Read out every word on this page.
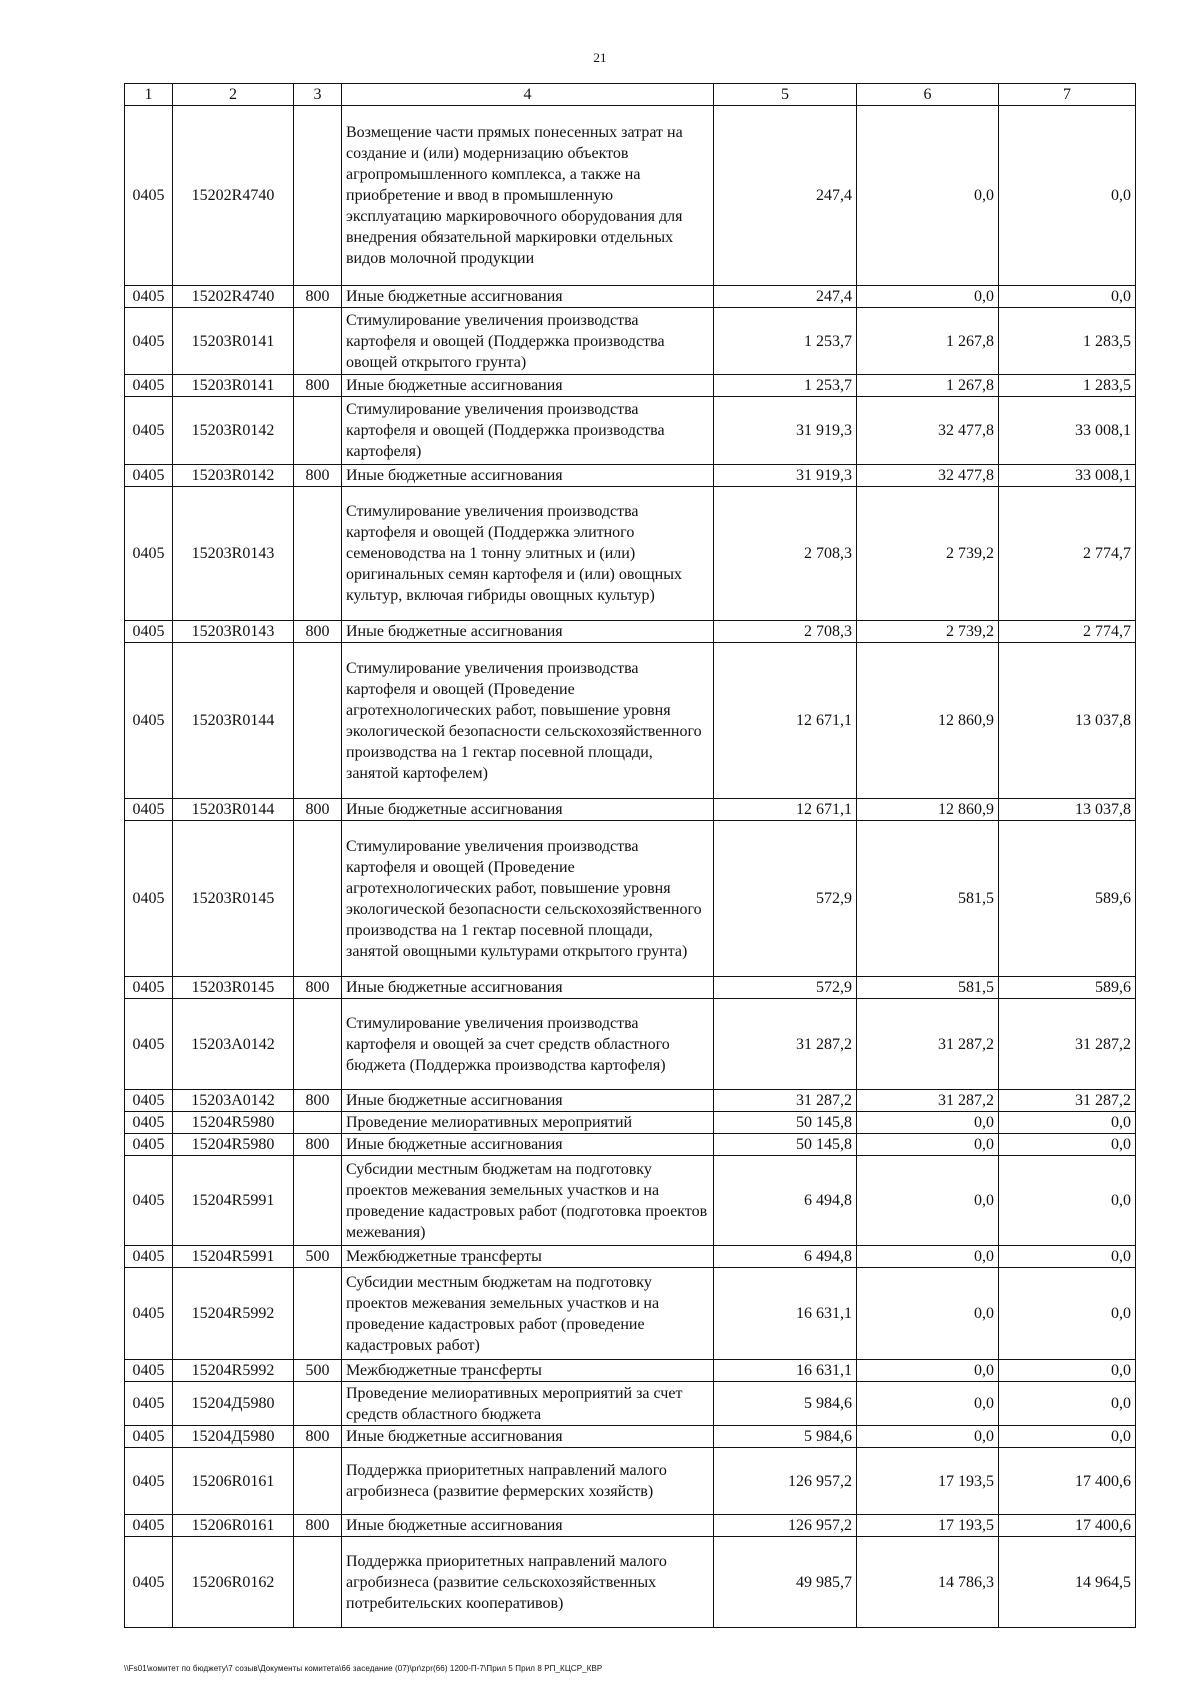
21
1	2	3	4	5	6	7
0405	15202R4740		Возмещение части прямых понесенных затрат на создание и (или) модернизацию объектов агропромышленного комплекса, а также на приобретение и ввод в промышленную эксплуатацию маркировочного оборудования для внедрения обязательной маркировки отдельных видов молочной продукции	247,4	0,0	0,0
0405	15202R4740	800	Иные бюджетные ассигнования	247,4	0,0	0,0
0405	15203R0141		Стимулирование увеличения производства картофеля и овощей (Поддержка производства овощей открытого грунта)	1 253,7	1 267,8	1 283,5
0405	15203R0141	800	Иные бюджетные ассигнования	1 253,7	1 267,8	1 283,5
0405	15203R0142		Стимулирование увеличения производства картофеля и овощей (Поддержка производства картофеля)	31 919,3	32 477,8	33 008,1
0405	15203R0142	800	Иные бюджетные ассигнования	31 919,3	32 477,8	33 008,1
0405	15203R0143		Стимулирование увеличения производства картофеля и овощей (Поддержка элитного семеноводства на 1 тонну элитных и (или) оригинальных семян картофеля и (или) овощных культур, включая гибриды овощных культур)	2 708,3	2 739,2	2 774,7
0405	15203R0143	800	Иные бюджетные ассигнования	2 708,3	2 739,2	2 774,7
0405	15203R0144		Стимулирование увеличения производства картофеля и овощей (Проведение агротехнологических работ, повышение уровня экологической безопасности сельскохозяйственного производства на 1 гектар посевной площади, занятой картофелем)	12 671,1	12 860,9	13 037,8
0405	15203R0144	800	Иные бюджетные ассигнования	12 671,1	12 860,9	13 037,8
0405	15203R0145		Стимулирование увеличения производства картофеля и овощей (Проведение агротехнологических работ, повышение уровня экологической безопасности сельскохозяйственного производства на 1 гектар посевной площади, занятой овощными культурами открытого грунта)	572,9	581,5	589,6
0405	15203R0145	800	Иные бюджетные ассигнования	572,9	581,5	589,6
0405	15203А0142		Стимулирование увеличения производства картофеля и овощей за счет средств областного бюджета (Поддержка производства картофеля)	31 287,2	31 287,2	31 287,2
0405	15203А0142	800	Иные бюджетные ассигнования	31 287,2	31 287,2	31 287,2
0405	15204R5980		Проведение мелиоративных мероприятий	50 145,8	0,0	0,0
0405	15204R5980	800	Иные бюджетные ассигнования	50 145,8	0,0	0,0
0405	15204R5991		Субсидии местным бюджетам на подготовку проектов межевания земельных участков и на проведение кадастровых работ (подготовка проектов межевания)	6 494,8	0,0	0,0
0405	15204R5991	500	Межбюджетные трансферты	6 494,8	0,0	0,0
0405	15204R5992		Субсидии местным бюджетам на подготовку проектов межевания земельных участков и на проведение кадастровых работ (проведение кадастровых работ)	16 631,1	0,0	0,0
0405	15204R5992	500	Межбюджетные трансферты	16 631,1	0,0	0,0
0405	15204Д5980		Проведение мелиоративных мероприятий за счет средств областного бюджета	5 984,6	0,0	0,0
0405	15204Д5980	800	Иные бюджетные ассигнования	5 984,6	0,0	0,0
0405	15206R0161		Поддержка приоритетных направлений малого агробизнеса (развитие фермерских хозяйств)	126 957,2	17 193,5	17 400,6
0405	15206R0161	800	Иные бюджетные ассигнования	126 957,2	17 193,5	17 400,6
0405	15206R0162		Поддержка приоритетных направлений малого агробизнеса (развитие сельскохозяйственных потребительских кооперативов)	49 985,7	14 786,3	14 964,5
\\Fs01\комитет по бюджету\7 созыв\Документы комитета\66 заседание (07)\pr\zpr(66) 1200-П-7\Прил 5 Прил 8 РП_КЦСР_КВР
